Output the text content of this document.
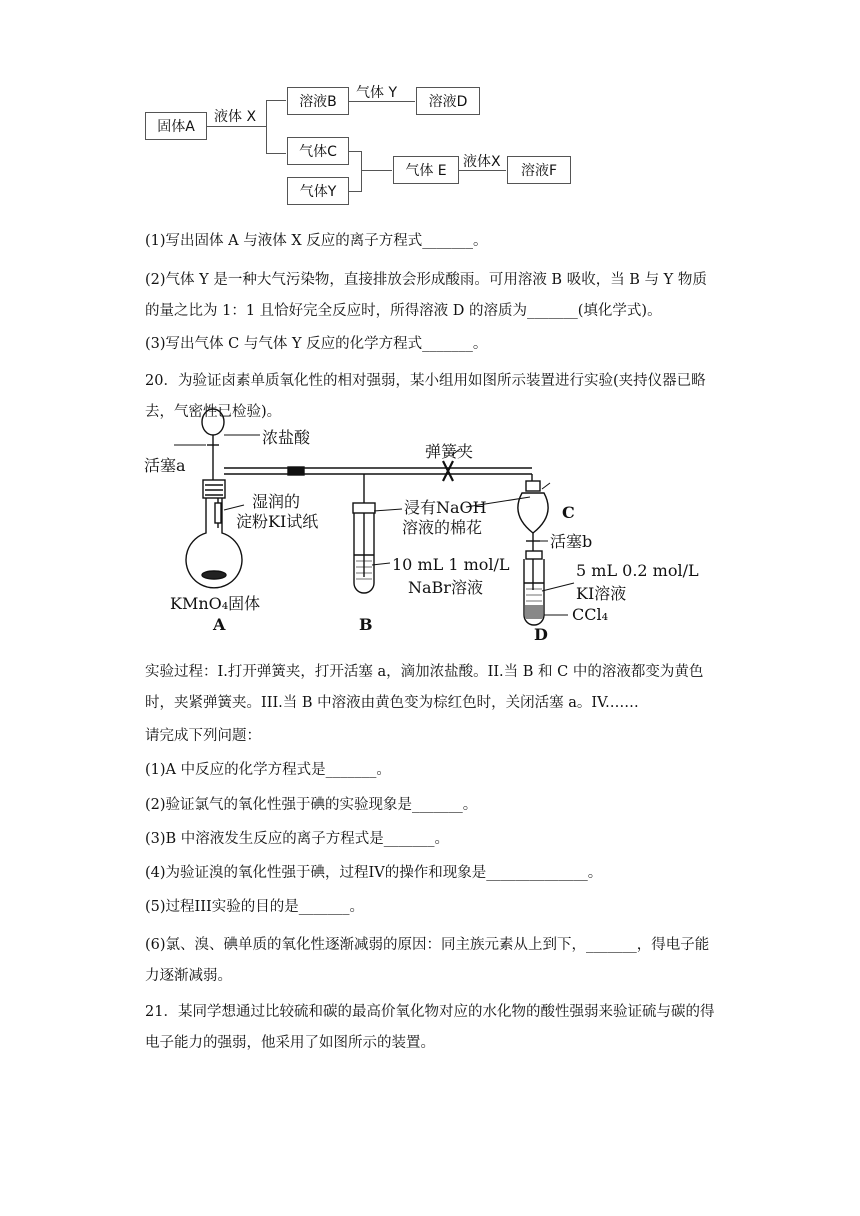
固体A
液体 X
溶液B
气体 Y
溶液D
气体C
气体Y
气体 E
液体X
溶液F
(1)写出固体 A 与液体 X 反应的离子方程式_______。
(2)气体 Y 是一种大气污染物，直接排放会形成酸雨。可用溶液 B 吸收，当 B 与 Y 物质的量之比为 1：1 且恰好完全反应时，所得溶液 D 的溶质为_______(填化学式)。
(3)写出气体 C 与气体 Y 反应的化学方程式_______。
20．为验证卤素单质氧化性的相对强弱，某小组用如图所示装置进行实验(夹持仪器已略去，气密性已检验)。
浓盐酸
活塞a
弹簧夹
湿润的
淀粉KI试纸
浸有NaOH
溶液的棉花
C
活塞b
10 mL 1 mol/L
NaBr溶液
5 mL 0.2 mol/L
KI溶液
CCl₄
KMnO₄固体
A	B
D
实验过程：I.打开弹簧夹，打开活塞 a，滴加浓盐酸。II.当 B 和 C 中的溶液都变为黄色时，夹紧弹簧夹。III.当 B 中溶液由黄色变为棕红色时，关闭活塞 a。IV.……
请完成下列问题：
(1)A 中反应的化学方程式是_______。
(2)验证氯气的氧化性强于碘的实验现象是_______。
(3)B 中溶液发生反应的离子方程式是_______。
(4)为验证溴的氧化性强于碘，过程IV的操作和现象是______________。
(5)过程III实验的目的是_______。
(6)氯、溴、碘单质的氧化性逐渐减弱的原因：同主族元素从上到下，_______，得电子能力逐渐减弱。
21．某同学想通过比较硫和碳的最高价氧化物对应的水化物的酸性强弱来验证硫与碳的得电子能力的强弱，他采用了如图所示的装置。
